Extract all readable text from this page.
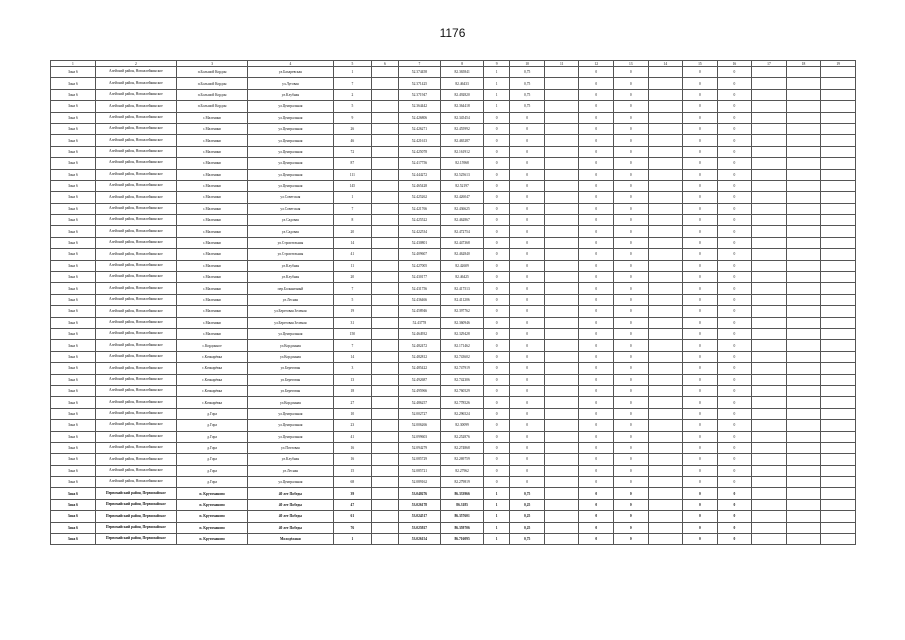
1176
1	2	3	4	5	6	7	8	9	10	11	12	13	14	15	16	17	18	19
Зона 6	Алейский район, Новоалейкинское	п.Большой Кордон	ул.Бахаревская	1		52.374458	82.365841	1	0,75		0	0		0	0			
Зона 6	Алейский район, Новоалейкинское	п.Большой Кордон	ул.Луговая	7		52.371425	82.46433	1	0,75		0	0		0	0			
Зона 6	Алейский район, Новоалейкинское	п.Большой Кордон	ул.Клубная	2		52.371947	82.492820	1	0,75		0	0		0	0			
Зона 6	Алейский район, Новоалейкинское	п.Большой Кордон	ул.Центральная	5		52.364442	82.364418	1	0,75		0	0		0	0			
Зона 6	Алейский район, Новоалейкинское	с.Маленино	ул.Центральная	9		52.426806	82.345454	0	0		0	0		0	0			
Зона 6	Алейский район, Новоалейкинское	с.Маленино	ул.Центральная	26		52.426271	82.455992	0	0		0	0		0	0			
Зона 6	Алейский район, Новоалейкинское	с.Маленино	ул.Центральная	46		52.421613	82.465287	0	0		0	0		0	0			
Зона 6	Алейский район, Новоалейкинское	с.Маленино	ул.Центральная	72		52.425078	82.161912	0	0		0	0		0	0			
Зона 6	Алейский район, Новоалейкинское	с.Маленино	ул.Центральная	87		52.417756	82.15968	0	0		0	0		0	0			
Зона 6	Алейский район, Новоалейкинское	с.Маленино	ул.Центральная	111		52.444272	82.525613	0	0		0	0		0	0			
Зона 6	Алейский район, Новоалейкинское	с.Маленино	ул.Центральная	145		52.465428	82.52197	0	0		0	0		0	0			
Зона 6	Алейский район, Новоалейкинское	с.Маленино	ул.Советская	1		52.425262	82.426047	0	0		0	0		0	0			
Зона 6	Алейский район, Новоалейкинское	с.Маленино	ул.Советская	7		52.421766	82.436625	0	0		0	0		0	0			
Зона 6	Алейский район, Новоалейкинское	с.Маленино	ул.Садовая	8		52.425522	82.462867	0	0		0	0		0	0			
Зона 6	Алейский район, Новоалейкинское	с.Маленино	ул.Садовая	20		52.422534	82.472754	0	0		0	0		0	0			
Зона 6	Алейский район, Новоалейкинское	с.Маленино	ул.Строительная	14		52.430801	82.447368	0	0		0	0		0	0			
Зона 6	Алейский район, Новоалейкинское	с.Маленино	ул.Строительная	41		52.409607	82.462840	0	0		0	0		0	0			
Зона 6	Алейский район, Новоалейкинское	с.Маленино	ул.Клубная	11		52.427005	82.42609	0	0		0	0		0	0			
Зона 6	Алейский район, Новоалейкинское	с.Маленино	ул.Клубная	20		52.430177	82.46425	0	0		0	0		0	0			
Зона 6	Алейский район, Новоалейкинское	с.Маленино	пер.Больничный	7		52.431756	82.417513	0	0		0	0		0	0			
Зона 6	Алейский район, Новоалейкинское	с.Маленино	ул.Лесная	5		52.436466	82.411206	0	0		0	0		0	0			
Зона 6	Алейский район, Новоалейкинское	с.Маленино	ул.Береговая Зеленая	19		52.458946	82.397762	0	0		0	0		0	0			
Зона 6	Алейский район, Новоалейкинское	с.Маленино	ул.Береговая Зеленая	31		52.43778	82.360946	0	0		0	0		0	0			
Зона 6	Алейский район, Новоалейкинское	с.Маленино	ул.Центральная	150		52.464932	82.329428	0	0		0	0		0	0			
Зона 6	Алейский район, Новоалейкинское	с.Кордонное	ул.Кордонная	7		52.482472	82.171462	0	0		0	0		0	0			
Зона 6	Алейский район, Новоалейкинское	с.Кочкарёвка	ул.Кордонная	14		52.482812	82.743602	0	0		0	0		0	0			
Зона 6	Алейский район, Новоалейкинское	с.Кочкарёвка	ул.Береговая	3		52.485422	82.747919	0	0		0	0		0	0			
Зона 6	Алейский район, Новоалейкинское	с.Кочкарёвка	ул.Береговая	13		52.492687	82.742306	0	0		0	0		0	0			
Зона 6	Алейский район, Новоалейкинское	с.Кочкарёвка	ул.Береговая	18		52.495966	82.760529	0	0		0	0		0	0			
Зона 6	Алейский район, Новоалейкинское	с.Кочкарёвка	ул.Кордонная	27		52.486257	82.778526	0	0		0	0		0	0			
Зона 6	Алейский район, Новоалейкинское	д.Гора	ул.Центральная	10		52.002727	82.296524	0	0		0	0		0	0			
Зона 6	Алейский район, Новоалейкинское	д.Гора	ул.Центральная	23		52.006266	82.30099	0	0		0	0		0	0			
Зона 6	Алейский район, Новоалейкинское	д.Гора	ул.Центральная	41		52.099603	82.252876	0	0		0	0		0	0			
Зона 6	Алейский район, Новоалейкинское	д.Гора	ул.Почтовая	16		52.094279	82.274868	0	0		0	0		0	0			
Зона 6	Алейский район, Новоалейкинское	д.Гора	ул.Клубная	16		52.085729	82.269759	0	0		0	0		0	0			
Зона 6	Алейский район, Новоалейкинское	д.Гора	ул.Лесная	15		52.085721	82.27962	0	0		0	0		0	0			
Зона 6	Алейский район, Новоалейкинское	д.Гора	ул.Центральная	68		52.089162	82.279819	0	0		0	0		0	0			
Зона 6	Первомайский район, Первомайское	п. Крутоманово	40 лет Победы	39		53.040276	86.333966	1	0,75		0	0		0	0			
Зона 6	Первомайский район, Первомайское	п. Крутоманово	40 лет Победы	47		53.026178	86.3185	1	0,25		0	0		0	0			
Зона 6	Первомайский район, Первомайское	п. Крутоманово	40 лет Победы	61		53.024517	86.357601	1	0,25		0	0		0	0			
Зона 6	Первомайский район, Первомайское	п. Крутоманово	40 лет Победы	76		53.025927	86.359706	1	0,25		0	0		0	0			
Зона 6	Первомайский район, Первомайское	п. Крутоманово	Молодёжная	1		53.026154	86.716095	1	0,75		0	0		0	0			
